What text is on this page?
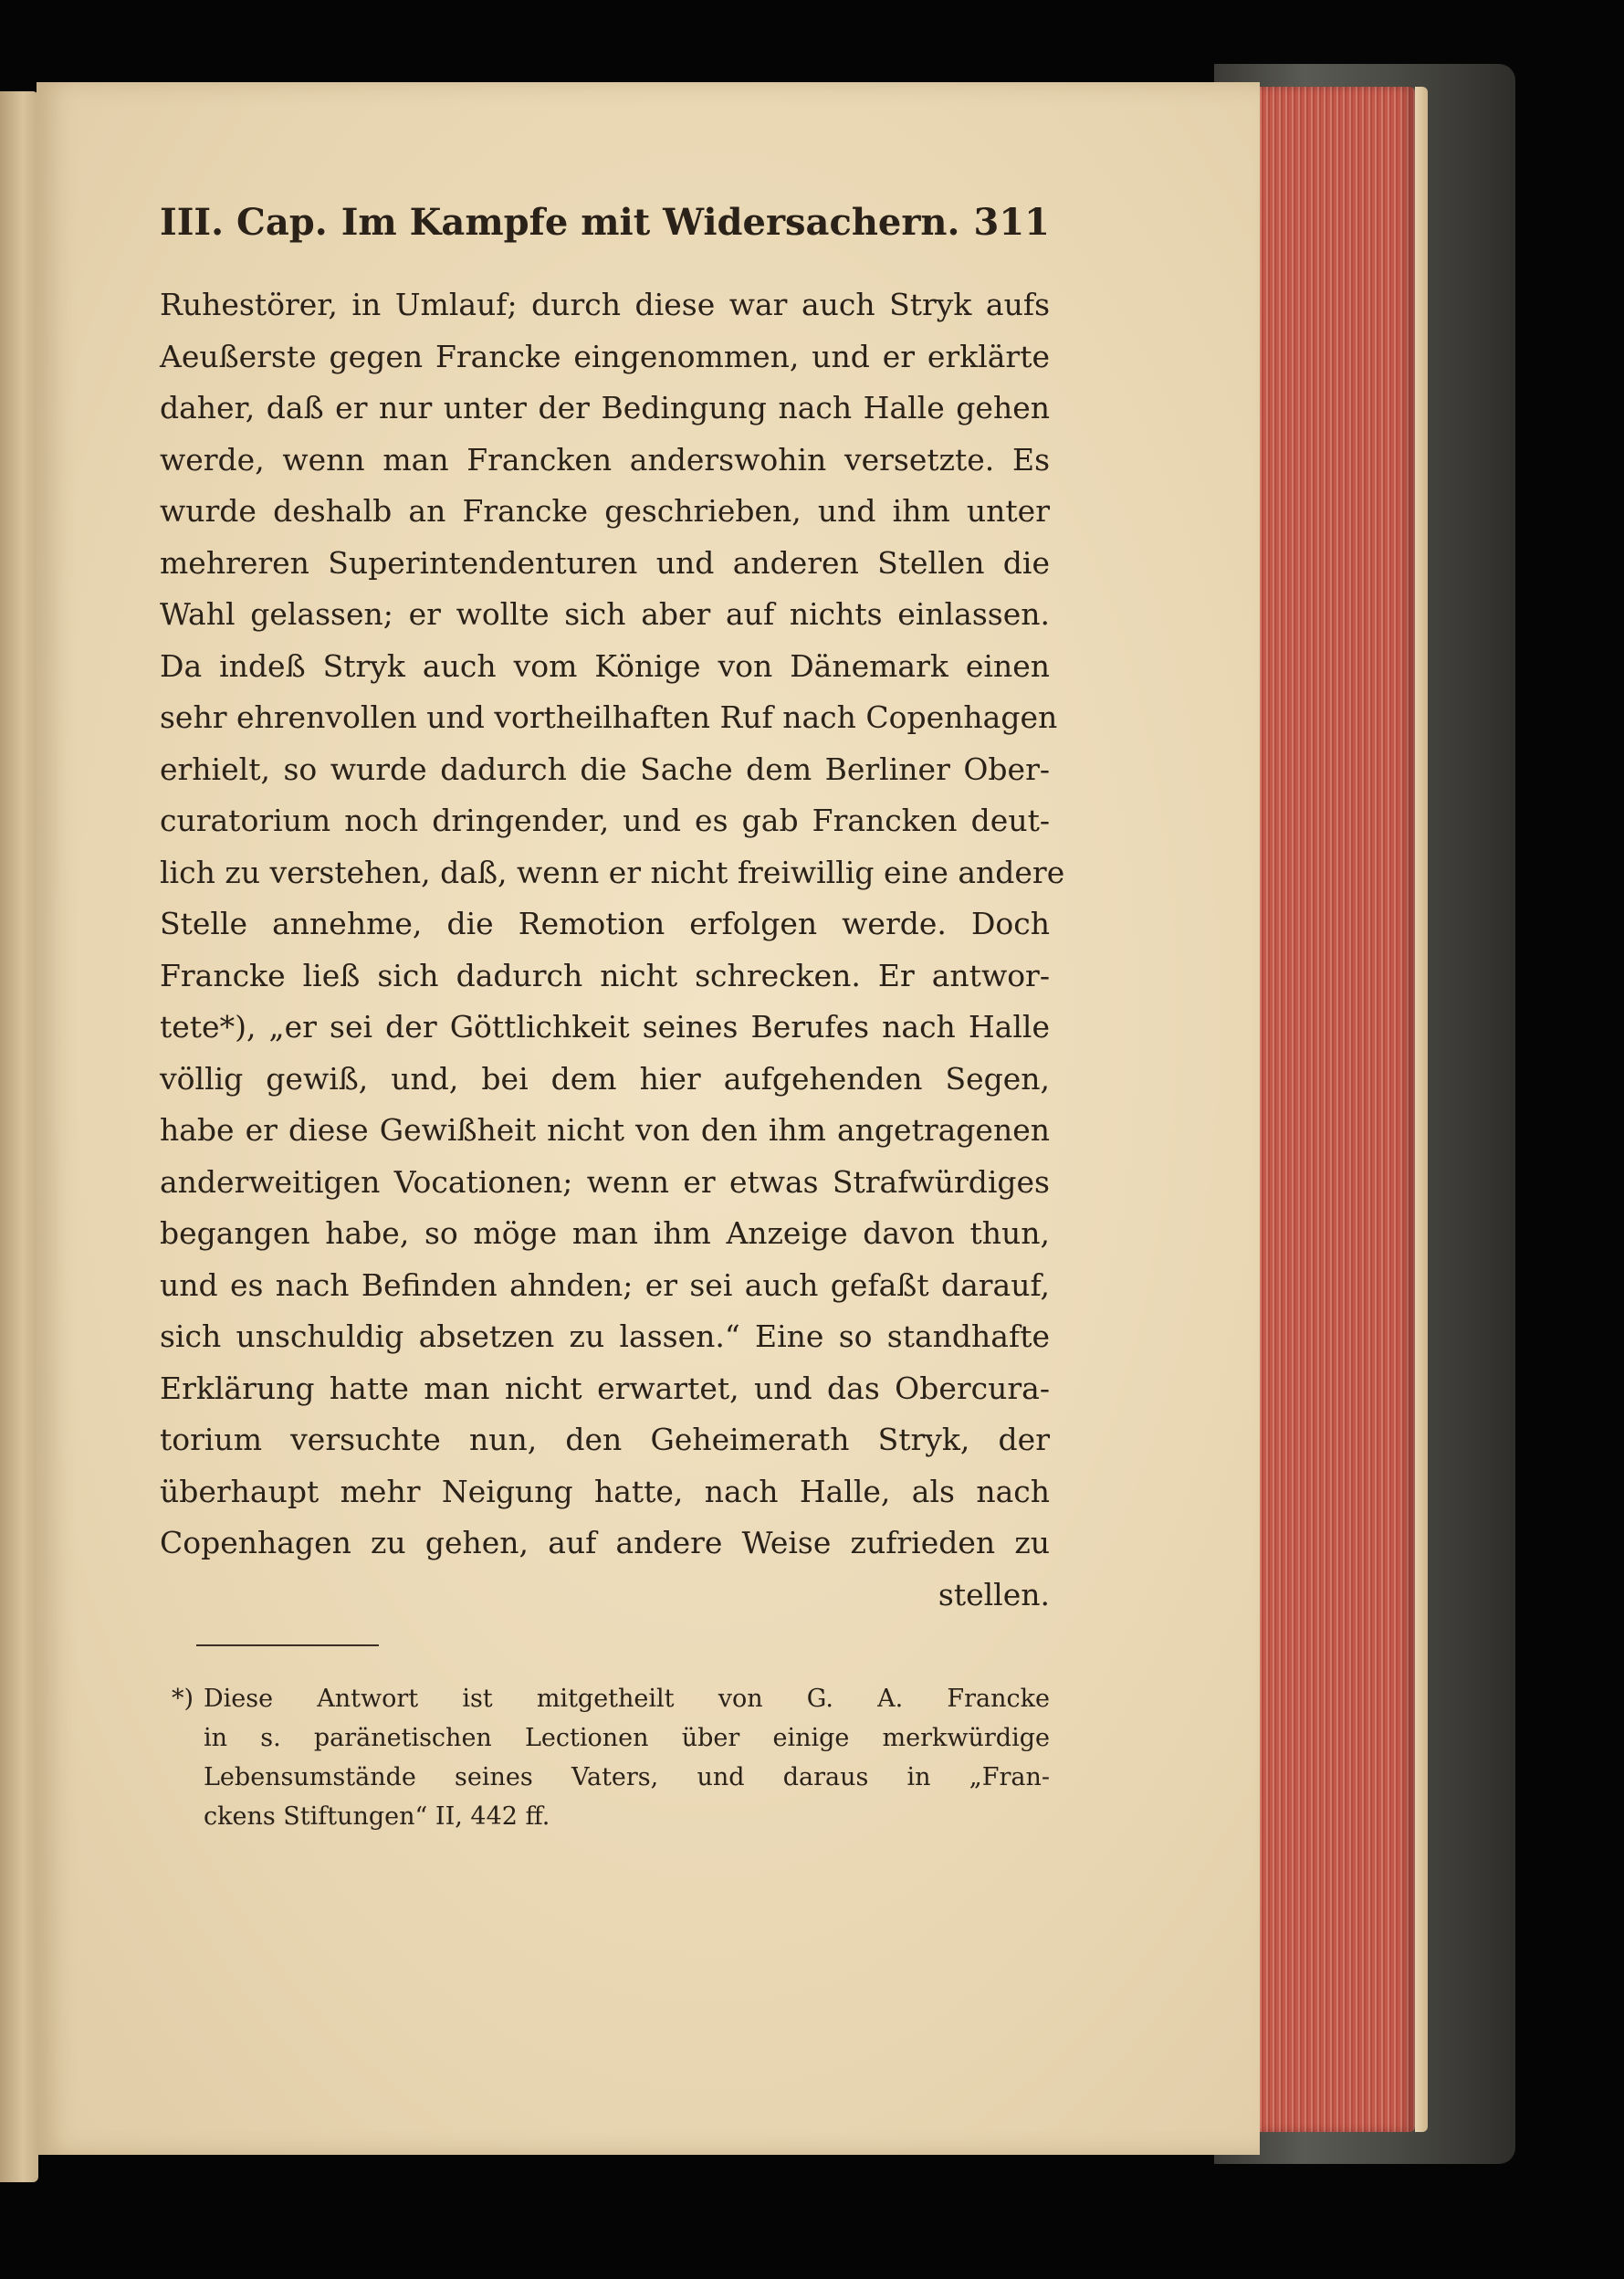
III. Cap. Im Kampfe mit Widersachern. 311
Ruhestörer, in Umlauf; durch diese war auch Stryk aufs
Aeußerste gegen Francke eingenommen, und er erklärte
daher, daß er nur unter der Bedingung nach Halle gehen
werde, wenn man Francken anderswohin versetzte. Es
wurde deshalb an Francke geschrieben, und ihm unter
mehreren Superintendenturen und anderen Stellen die
Wahl gelassen; er wollte sich aber auf nichts einlassen.
Da indeß Stryk auch vom Könige von Dänemark einen
sehr ehrenvollen und vortheilhaften Ruf nach Copenhagen
erhielt, so wurde dadurch die Sache dem Berliner Ober-
curatorium noch dringender, und es gab Francken deut-
lich zu verstehen, daß, wenn er nicht freiwillig eine andere
Stelle annehme, die Remotion erfolgen werde. Doch
Francke ließ sich dadurch nicht schrecken. Er antwor-
tete*), „er sei der Göttlichkeit seines Berufes nach Halle
völlig gewiß, und, bei dem hier aufgehenden Segen,
habe er diese Gewißheit nicht von den ihm angetragenen
anderweitigen Vocationen; wenn er etwas Strafwürdiges
begangen habe, so möge man ihm Anzeige davon thun,
und es nach Befinden ahnden; er sei auch gefaßt darauf,
sich unschuldig absetzen zu lassen.“ Eine so standhafte
Erklärung hatte man nicht erwartet, und das Obercura-
torium versuchte nun, den Geheimerath Stryk, der
überhaupt mehr Neigung hatte, nach Halle, als nach
Copenhagen zu gehen, auf andere Weise zufrieden zu
stellen.
*) Diese Antwort ist mitgetheilt von G. A. Francke
in s. paränetischen Lectionen über einige merkwürdige
Lebensumstände seines Vaters, und daraus in „Fran-
ckens Stiftungen“ II, 442 ff.
